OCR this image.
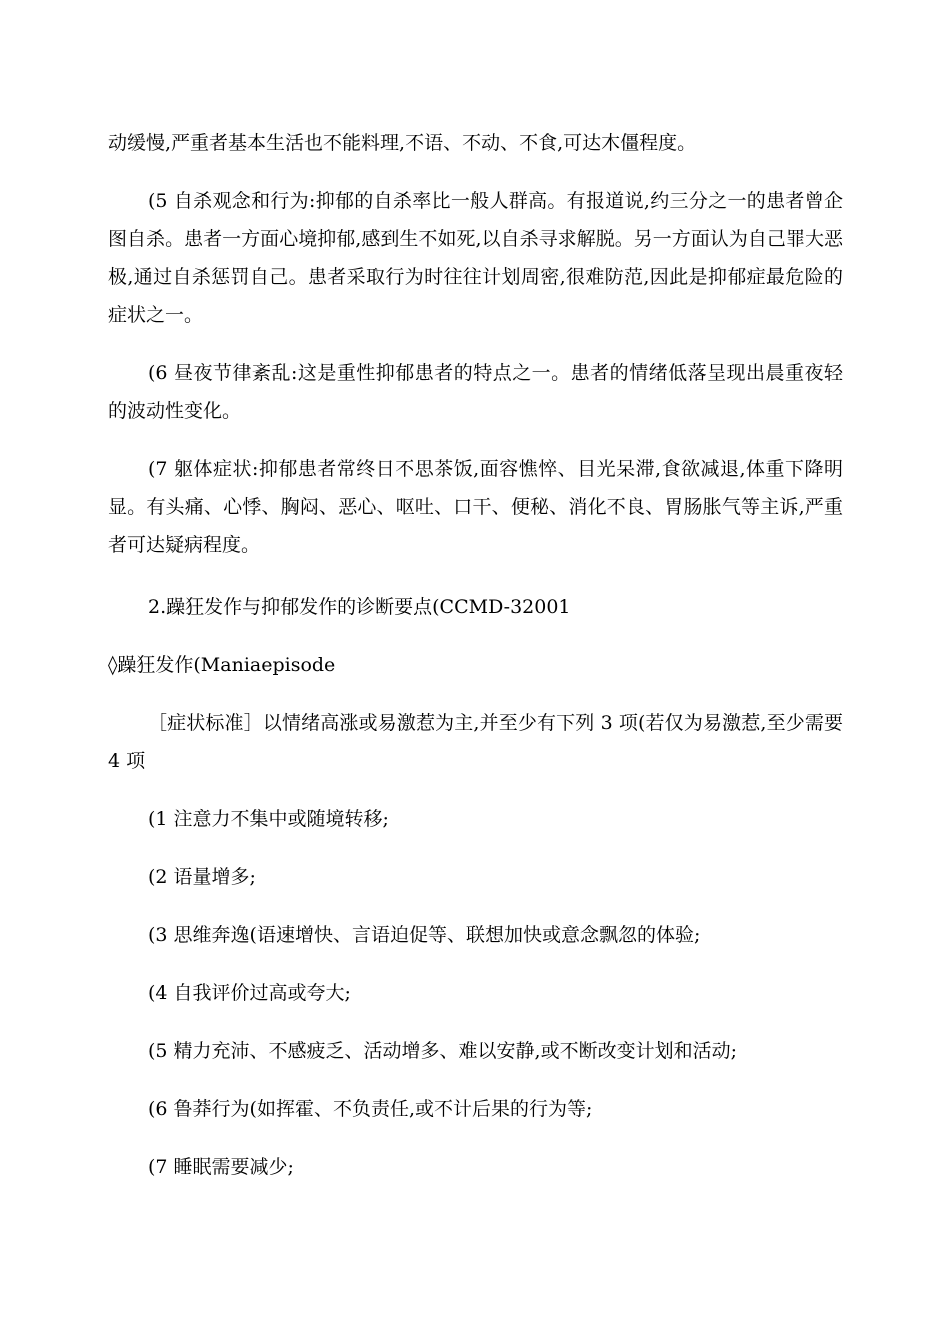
动缓慢,严重者基本生活也不能料理,不语、不动、不食,可达木僵程度。

(5 自杀观念和行为:抑郁的自杀率比一般人群高。有报道说,约三分之一的患者曾企图自杀。患者一方面心境抑郁,感到生不如死,以自杀寻求解脱。另一方面认为自己罪大恶极,通过自杀惩罚自己。患者采取行为时往往计划周密,很难防范,因此是抑郁症最危险的症状之一。

(6 昼夜节律紊乱:这是重性抑郁患者的特点之一。患者的情绪低落呈现出晨重夜轻的波动性变化。

(7 躯体症状:抑郁患者常终日不思茶饭,面容憔悴、目光呆滞,食欲减退,体重下降明显。有头痛、心悸、胸闷、恶心、呕吐、口干、便秘、消化不良、胃肠胀气等主诉,严重者可达疑病程度。

2.躁狂发作与抑郁发作的诊断要点(CCMD-32001

◊躁狂发作(Maniaepisode

［症状标准］以情绪高涨或易激惹为主,并至少有下列 3 项(若仅为易激惹,至少需要 4 项

(1 注意力不集中或随境转移;

(2 语量增多;

(3 思维奔逸(语速增快、言语迫促等、联想加快或意念飘忽的体验;

(4 自我评价过高或夸大;

(5 精力充沛、不感疲乏、活动增多、难以安静,或不断改变计划和活动;

(6 鲁莽行为(如挥霍、不负责任,或不计后果的行为等;

(7 睡眠需要减少;
